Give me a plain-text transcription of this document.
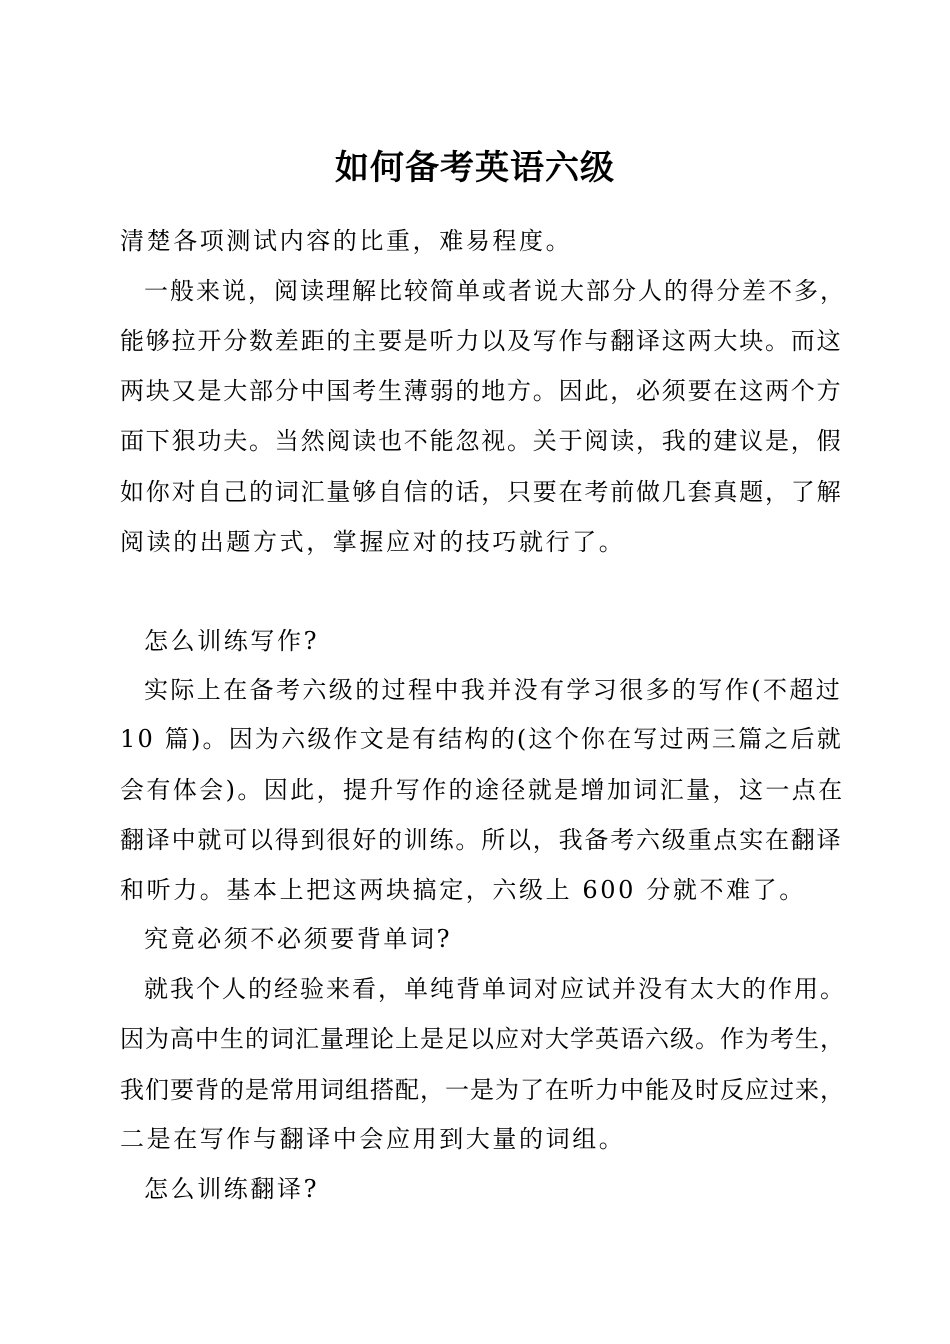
如何备考英语六级
清楚各项测试内容的比重，难易程度。
一般来说，阅读理解比较简单或者说大部分人的得分差不多，
能够拉开分数差距的主要是听力以及写作与翻译这两大块。而这
两块又是大部分中国考生薄弱的地方。因此，必须要在这两个方
面下狠功夫。当然阅读也不能忽视。关于阅读，我的建议是，假
如你对自己的词汇量够自信的话，只要在考前做几套真题，了解
阅读的出题方式，掌握应对的技巧就行了。
怎么训练写作?
实际上在备考六级的过程中我并没有学习很多的写作(不超过
10 篇)。因为六级作文是有结构的(这个你在写过两三篇之后就
会有体会)。因此，提升写作的途径就是增加词汇量，这一点在
翻译中就可以得到很好的训练。所以，我备考六级重点实在翻译
和听力。基本上把这两块搞定，六级上 600 分就不难了。
究竟必须不必须要背单词?
就我个人的经验来看，单纯背单词对应试并没有太大的作用。
因为高中生的词汇量理论上是足以应对大学英语六级。作为考生，
我们要背的是常用词组搭配，一是为了在听力中能及时反应过来，
二是在写作与翻译中会应用到大量的词组。
怎么训练翻译?
